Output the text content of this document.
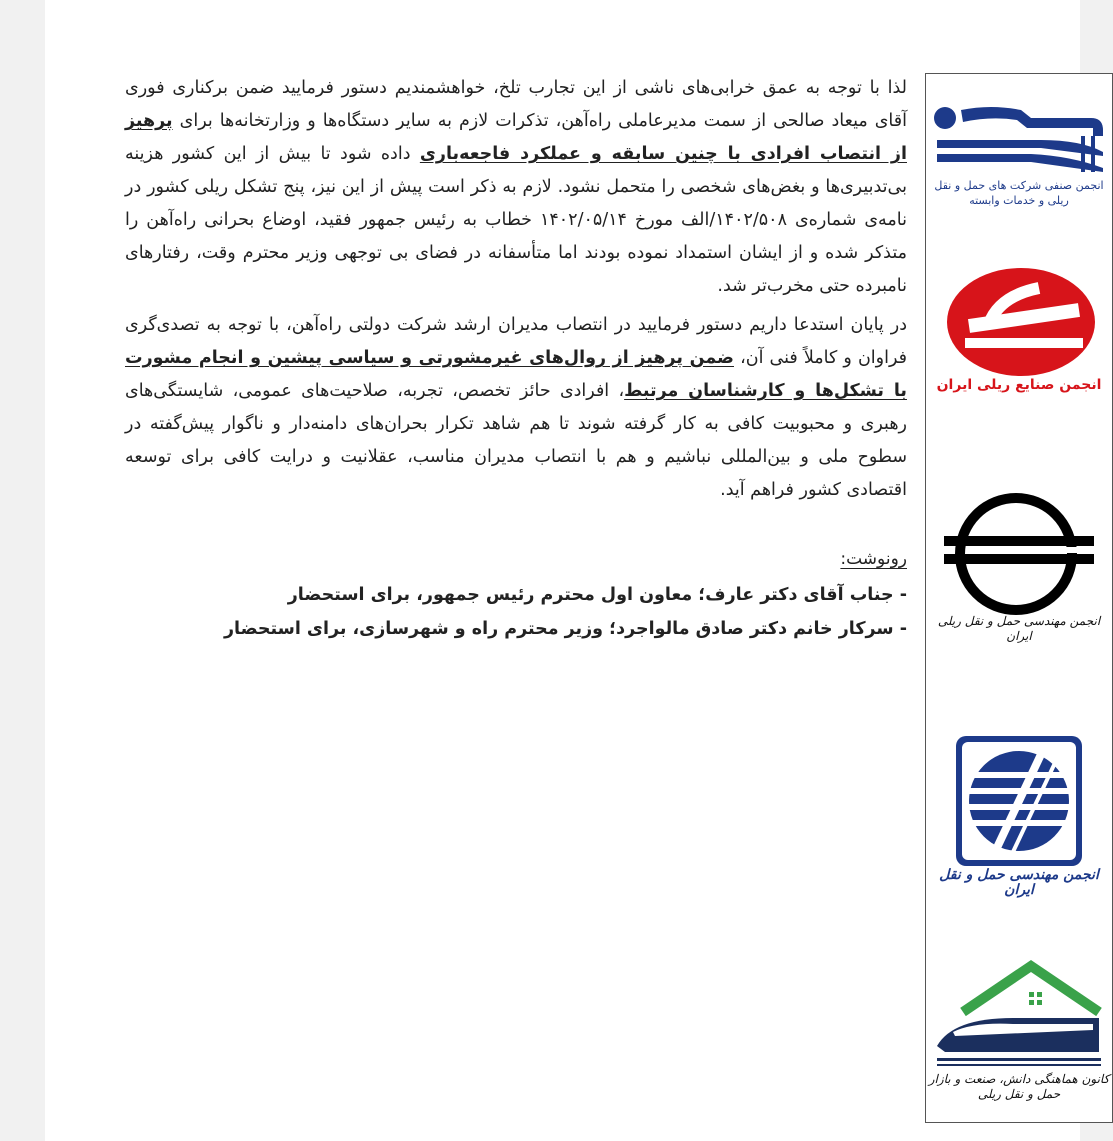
لذا با توجه به عمق خرابی‌های ناشی از این تجارب تلخ، خواهشمندیم دستور فرمایید ضمن برکناری فوری آقای میعاد صالحی از سمت مدیرعاملی راه‌آهن، تذکرات لازم به سایر دستگاه‌ها و وزارتخانه‌ها برای پرهیز از انتصاب افرادی با چنین سابقه و عملکرد فاجعه‌باری داده شود تا بیش از این کشور هزینه بی‌تدبیری‌ها و بغض‌های شخصی را متحمل نشود. لازم به ذکر است پیش از این نیز، پنج تشکل ریلی کشور در نامه‌ی شماره‌ی ۱۴۰۲/۵۰۸/الف مورخ ۱۴۰۲/۰۵/۱۴ خطاب به رئیس جمهور فقید، اوضاع بحرانی راه‌آهن را متذکر شده و از ایشان استمداد نموده بودند اما متأسفانه در فضای بی توجهی وزیر محترم وقت، رفتارهای نامبرده حتی مخرب‌تر شد.

در پایان استدعا داریم دستور فرمایید در انتصاب مدیران ارشد شرکت دولتی راه‌آهن، با توجه به تصدی‌گری فراوان و کاملاً فنی آن، ضمن پرهیز از روال‌های غیرمشورتی و سیاسی پیشین و انجام مشورت با تشکل‌ها و کارشناسان مرتبط، افرادی حائز تخصص، تجربه، صلاحیت‌های عمومی، شایستگی‌های رهبری و محبوبیت کافی به کار گرفته شوند تا هم شاهد تکرار بحران‌های دامنه‌دار و ناگوار پیش‌گفته در سطوح ملی و بین‌المللی نباشیم و هم با انتصاب مدیران مناسب، عقلانیت و درایت کافی برای توسعه اقتصادی کشور فراهم آید.

رونوشت:
- جناب آقای دکتر عارف؛ معاون اول محترم رئیس جمهور، برای استحضار
- سرکار خانم دکتر صادق مالواجرد؛ وزیر محترم راه و شهرسازی، برای استحضار
انجمن صنفی شرکت های حمل و نقل ریلی و خدمات وابسته
انجمن صنایع ریلی ایران
انجمن مهندسی حمل و نقل ریلی ایران
انجمن مهندسی حمل و نقل ایران
کانون هماهنگی دانش، صنعت و بازار حمل و نقل ریلی
